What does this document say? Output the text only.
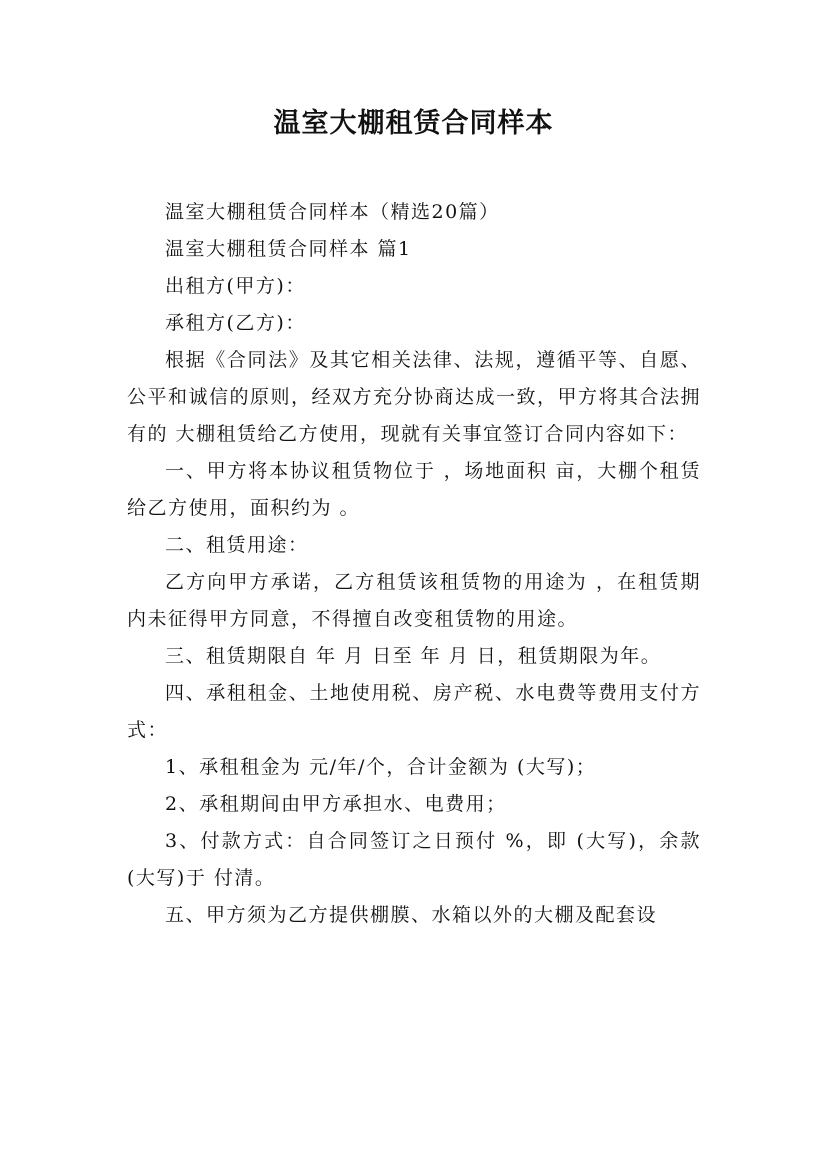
温室大棚租赁合同样本

温室大棚租赁合同样本（精选20篇）

温室大棚租赁合同样本 篇1

出租方(甲方)：

承租方(乙方)：

根据《合同法》及其它相关法律、法规，遵循平等、自愿、公平和诚信的原则，经双方充分协商达成一致，甲方将其合法拥有的 大棚租赁给乙方使用，现就有关事宜签订合同内容如下：

一、甲方将本协议租赁物位于 ，场地面积 亩，大棚个租赁给乙方使用，面积约为 。

二、租赁用途：

乙方向甲方承诺，乙方租赁该租赁物的用途为 ，在租赁期内未征得甲方同意，不得擅自改变租赁物的用途。

三、租赁期限自 年 月 日至 年 月 日，租赁期限为年。

四、承租租金、土地使用税、房产税、水电费等费用支付方式：

1、承租租金为 元/年/个，合计金额为 (大写)；

2、承租期间由甲方承担水、电费用；

3、付款方式：自合同签订之日预付 %，即 (大写)，余款 (大写)于 付清。

五、甲方须为乙方提供棚膜、水箱以外的大棚及配套设
